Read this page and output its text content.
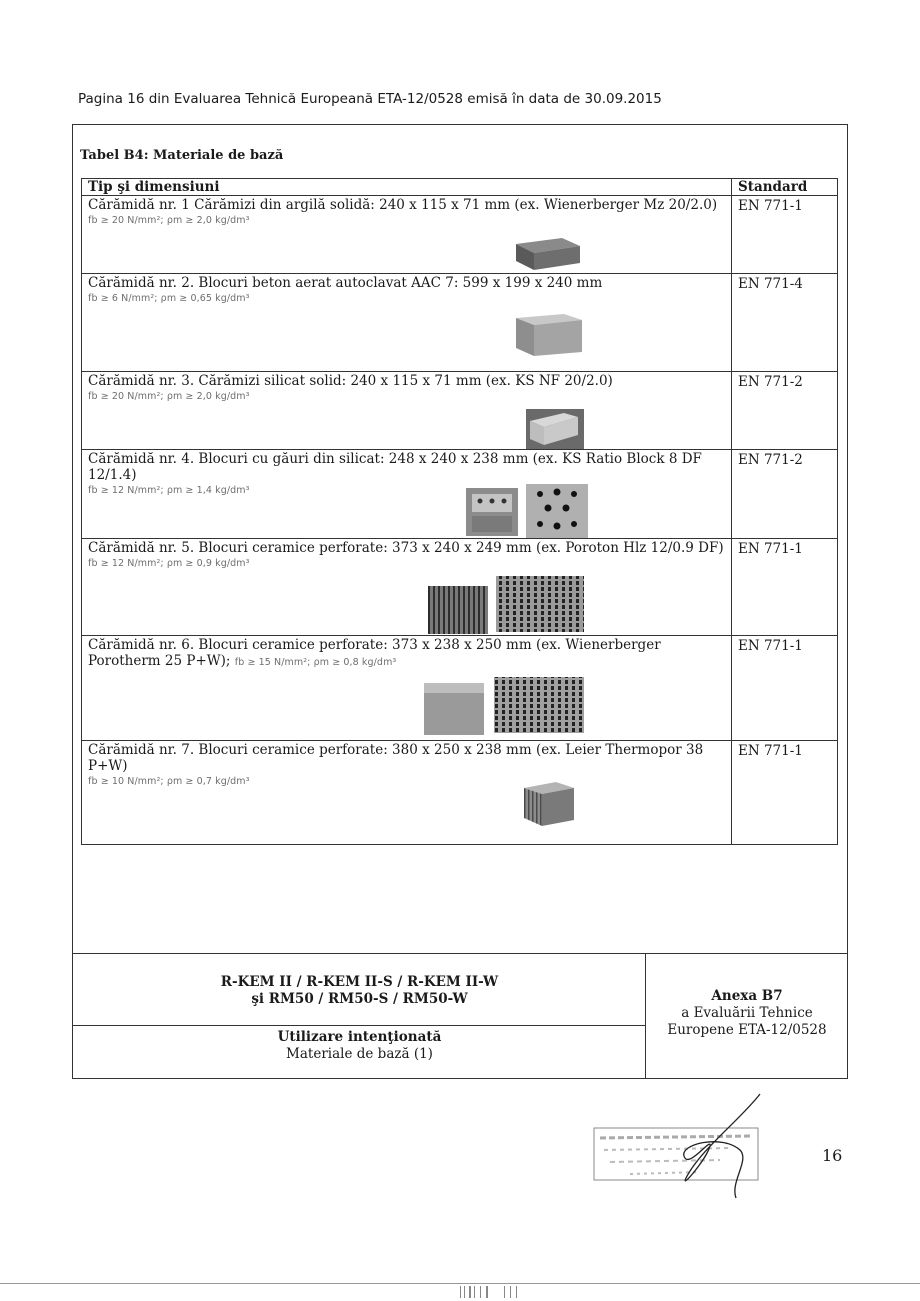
Pagina 16 din Evaluarea Tehnică Europeană ETA-12/0528 emisă în data de 30.09.2015
Tabel B4: Materiale de bază
Tip şi dimensiuni	Standard

Cărămidă nr. 1 Cărămizi din argilă solidă: 240 x 115 x 71 mm (ex. Wienerberger Mz 20/2.0)
fb ≥ 20 N/mm²; ρm ≥ 2,0 kg/dm³	EN 771-1

Cărămidă nr. 2. Blocuri beton aerat autoclavat AAC 7: 599 x 199 x 240 mm
fb ≥ 6 N/mm²; ρm ≥ 0,65 kg/dm³	EN 771-4

Cărămidă nr. 3. Cărămizi silicat solid: 240 x 115 x 71 mm (ex. KS NF 20/2.0)
fb ≥ 20 N/mm²; ρm ≥ 2,0 kg/dm³	EN 771-2

Cărămidă nr. 4. Blocuri cu găuri din silicat: 248 x 240 x 238 mm (ex. KS Ratio Block 8 DF 12/1.4)
fb ≥ 12 N/mm²; ρm ≥ 1,4 kg/dm³	EN 771-2

Cărămidă nr. 5. Blocuri ceramice perforate: 373 x 240 x 249 mm (ex. Poroton Hlz 12/0.9 DF)
fb ≥ 12 N/mm²; ρm ≥ 0,9 kg/dm³	EN 771-1

Cărămidă nr. 6. Blocuri ceramice perforate: 373 x 238 x 250 mm (ex. Wienerberger Porotherm 25 P+W); fb ≥ 15 N/mm²; ρm ≥ 0,8 kg/dm³	EN 771-1

Cărămidă nr. 7. Blocuri ceramice perforate: 380 x 250 x 238 mm (ex. Leier Thermopor 38 P+W)
fb ≥ 10 N/mm²; ρm ≥ 0,7 kg/dm³	EN 771-1
R-KEM II / R-KEM II-S / R-KEM II-W
şi RM50 / RM50-S / RM50-W
Utilizare intenţionată
Materiale de bază (1)
Anexa B7
a Evaluării Tehnice
Europene ETA-12/0528
16
